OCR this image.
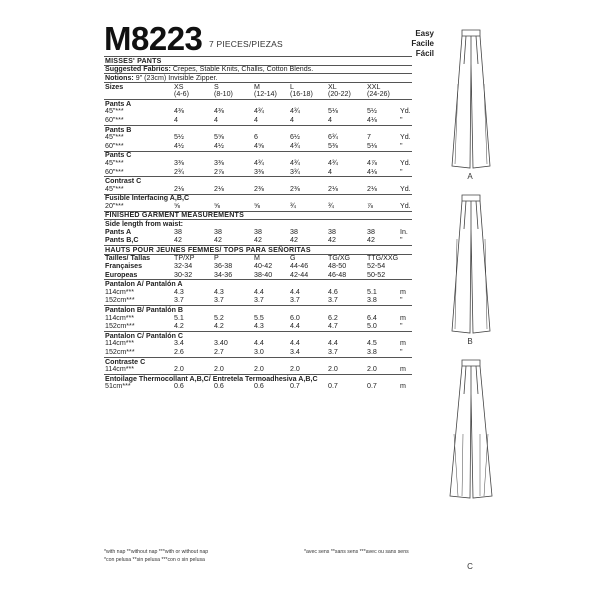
M8223 7 PIECES/PIEZAS
Easy
Facile
Fácil
MISSES' PANTS
Suggested Fabrics: Crepes, Stable Knits, Challis, Cotton Blends.
Notions: 9" (23cm) Invisible Zipper.
Sizes	XS	S	M	L	XL	XXL
(4-6)	(8-10)	(12-14) (16-18) (20-22) (24-26)
Pants A
45"***	4⅜	4⅜	4¾	4¾	5⅛	5½	Yd.
60"***	4	4	4	4	4	4⅛	"
Pants B
45"***	5½	5⅝	6	6½	6¾	7	Yd.
60"***	4½	4½	4⅝	4¾	5⅜	5⅛	"
Pants C
45"***	3⅜	3⅜	4¾	4¾	4¾	4⅞	Yd.
60"***	2¾	2⅞	3⅜	3¾	4	4⅛	"
Contrast C
45"***	2⅛	2⅛	2⅜	2⅜	2⅛	2⅛	Yd.
Fusible Interfacing A,B,C
20"***	⅝	⅝	⅝	¾	¾	⅞	Yd.
FINISHED GARMENT MEASUREMENTS
Side length from waist:
Pants A	38	38	38	38	38	38	In.
Pants B,C	42	42	42	42	42	42	"
HAUTS POUR JEUNES FEMMES/ TOPS PARA SEÑORITAS
Tailles/ Tallas	TP/XP	P	M	G	TG/XG TTG/XXG
Françaises	32-34	36-38	40-42	44-46	48-50	52-54
Europeas	30-32	34-36	38-40	42-44	46-48	50-52
Pantalon A/ Pantalón A
114cm***	4.3	4.3	4.4	4.4	4.6	5.1	m
152cm***	3.7	3.7	3.7	3.7	3.7	3.8	"
Pantalon B/ Pantalón B
114cm***	5.1	5.2	5.5	6.0	6.2	6.4	m
152cm***	4.2	4.2	4.3	4.4	4.7	5.0	"
Pantalon C/ Pantalón C
114cm***	3.4	3.40	4.4	4.4	4.4	4.5	m
152cm***	2.6	2.7	3.0	3.4	3.7	3.8	"
Contraste C
114cm***	2.0	2.0	2.0	2.0	2.0	2.0	m
Entoilage Thermocollant A,B,C/ Entretela Termoadhesiva A,B,C
51cm***	0.6	0.6	0.6	0.7	0.7	0.7	m
*with nap **without nap ***with or without nap
*con pelusa **sin pelusa ***con o sin pelusa
*avec sens **sans sens ***avec ou sans sens
A
B
C
